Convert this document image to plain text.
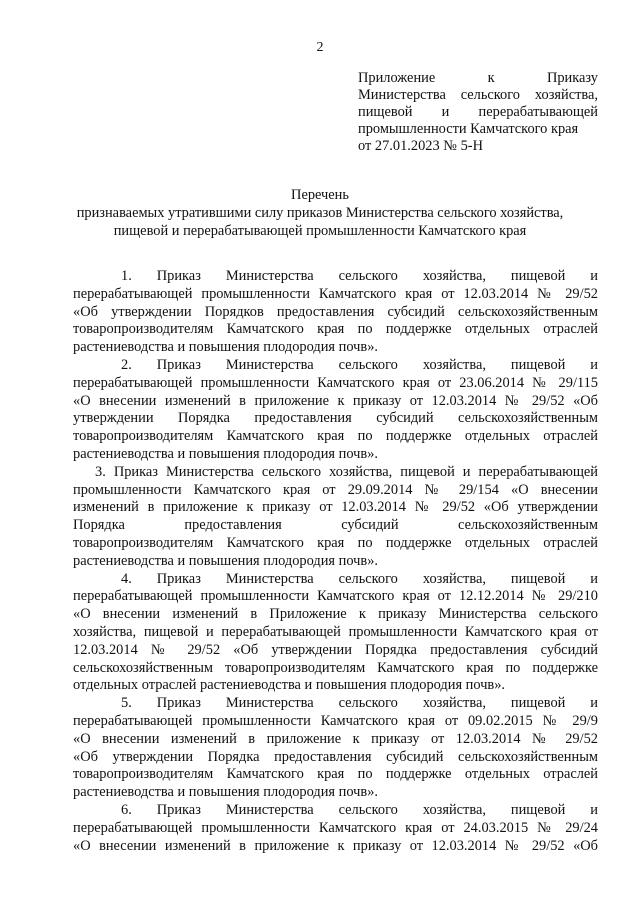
2
Приложение к Приказу
Министерства сельского хозяйства,
пищевой и перерабатывающей
промышленности Камчатского края
от 27.01.2023 № 5-Н
Перечень
признаваемых утратившими силу приказов Министерства сельского хозяйства,
пищевой и перерабатывающей промышленности Камчатского края
1. Приказ Министерства сельского хозяйства, пищевой и
перерабатывающей промышленности Камчатского края от 12.03.2014 № 29/52
«Об утверждении Порядков предоставления субсидий сельскохозяйственным
товаропроизводителям Камчатского края по поддержке отдельных отраслей
растениеводства и повышения плодородия почв».
2. Приказ Министерства сельского хозяйства, пищевой и
перерабатывающей промышленности Камчатского края от 23.06.2014 № 29/115
«О внесении изменений в приложение к приказу от 12.03.2014 № 29/52 «Об
утверждении Порядка предоставления субсидий сельскохозяйственным
товаропроизводителям Камчатского края по поддержке отдельных отраслей
растениеводства и повышения плодородия почв».
3. Приказ Министерства сельского хозяйства, пищевой и перерабатывающей
промышленности Камчатского края от 29.09.2014 № 29/154 «О внесении
изменений в приложение к приказу от 12.03.2014 № 29/52 «Об утверждении
Порядка предоставления субсидий сельскохозяйственным
товаропроизводителям Камчатского края по поддержке отдельных отраслей
растениеводства и повышения плодородия почв».
4. Приказ Министерства сельского хозяйства, пищевой и
перерабатывающей промышленности Камчатского края от 12.12.2014 № 29/210
«О внесении изменений в Приложение к приказу Министерства сельского
хозяйства, пищевой и перерабатывающей промышленности Камчатского края от
12.03.2014 № 29/52 «Об утверждении Порядка предоставления субсидий
сельскохозяйственным товаропроизводителям Камчатского края по поддержке
отдельных отраслей растениеводства и повышения плодородия почв».
5. Приказ Министерства сельского хозяйства, пищевой и
перерабатывающей промышленности Камчатского края от 09.02.2015 № 29/9
«О внесении изменений в приложение к приказу от 12.03.2014 № 29/52
«Об утверждении Порядка предоставления субсидий сельскохозяйственным
товаропроизводителям Камчатского края по поддержке отдельных отраслей
растениеводства и повышения плодородия почв».
6. Приказ Министерства сельского хозяйства, пищевой и
перерабатывающей промышленности Камчатского края от 24.03.2015 № 29/24
«О внесении изменений в приложение к приказу от 12.03.2014 № 29/52 «Об
